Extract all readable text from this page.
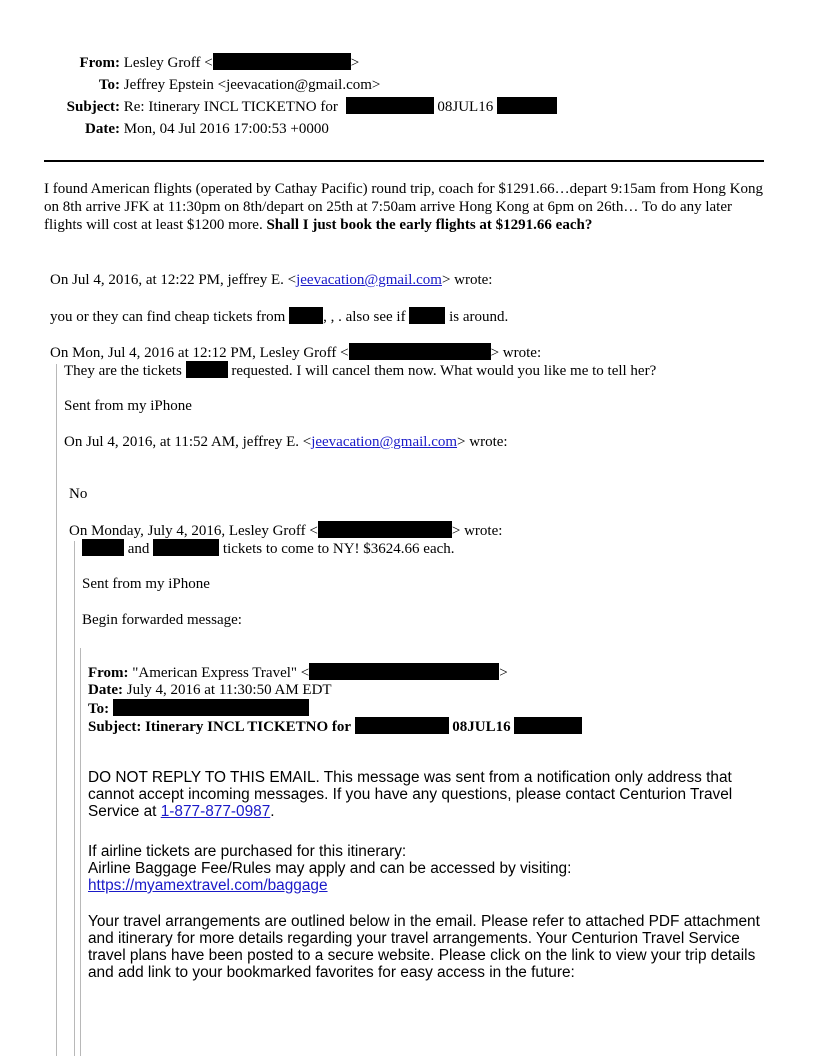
From: Lesley Groff <	>
To: Jeffrey Epstein <jeevacation@gmail.com>
Subject: Re: Itinerary INCL TICKETNO for	08JUL16
Date: Mon, 04 Jul 2016 17:00:53 +0000
I found American flights (operated by Cathay Pacific) round trip, coach for $1291.66…depart 9:15am from Hong Kong on 8th arrive JFK at 11:30pm on 8th/depart on 25th at 7:50am arrive Hong Kong at 6pm on 26th… To do any later flights will cost at least $1200 more. Shall I just book the early flights at $1291.66 each?
On Jul 4, 2016, at 12:22 PM, jeffrey E. <jeevacation@gmail.com> wrote:
you or they can find cheap tickets from	, , . also see if	is around.
On Mon, Jul 4, 2016 at 12:12 PM, Lesley Groff <	> wrote:
They are the tickets	requested. I will cancel them now. What would you like me to tell her?
Sent from my iPhone
On Jul 4, 2016, at 11:52 AM, jeffrey E. <jeevacation@gmail.com> wrote:
No
On Monday, July 4, 2016, Lesley Groff <	> wrote:
and	tickets to come to NY! $3624.66 each.
Sent from my iPhone
Begin forwarded message:
From: "American Express Travel" <	>
Date: July 4, 2016 at 11:30:50 AM EDT
To:
Subject: Itinerary INCL TICKETNO for	08JUL16
DO NOT REPLY TO THIS EMAIL. This message was sent from a notification only address that cannot accept incoming messages. If you have any questions, please contact Centurion Travel Service at 1-877-877-0987.
If airline tickets are purchased for this itinerary:
Airline Baggage Fee/Rules may apply and can be accessed by visiting:
https://myamextravel.com/baggage
Your travel arrangements are outlined below in the email. Please refer to attached PDF attachment and itinerary for more details regarding your travel arrangements. Your Centurion Travel Service travel plans have been posted to a secure website. Please click on the link to view your trip details and add link to your bookmarked favorites for easy access in the future:
